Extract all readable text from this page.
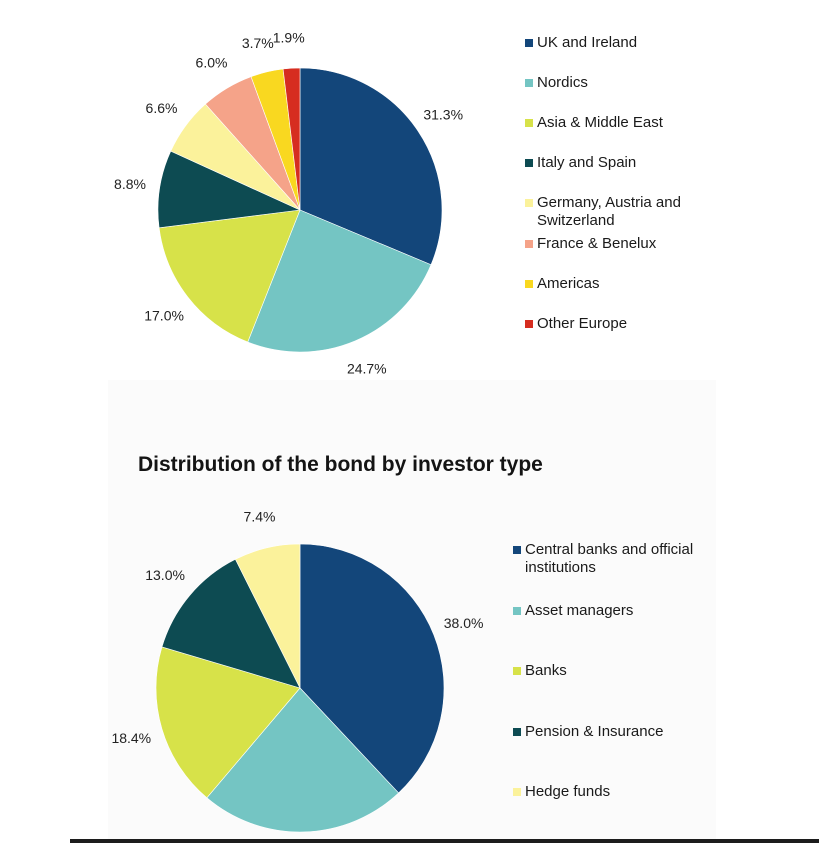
31.3%
24.7%
17.0%
8.8%
6.6%
6.0%
3.7%
1.9%	UK and Ireland
Nordics
Asia & Middle East
Italy and Spain
Germany, Austria and Switzerland
France & Benelux
Americas
Other Europe
Distribution of the bond by investor type
38.0%
18.4%
13.0%
7.4%
Central banks and official institutions
Asset managers
Banks
Pension & Insurance
Hedge funds
